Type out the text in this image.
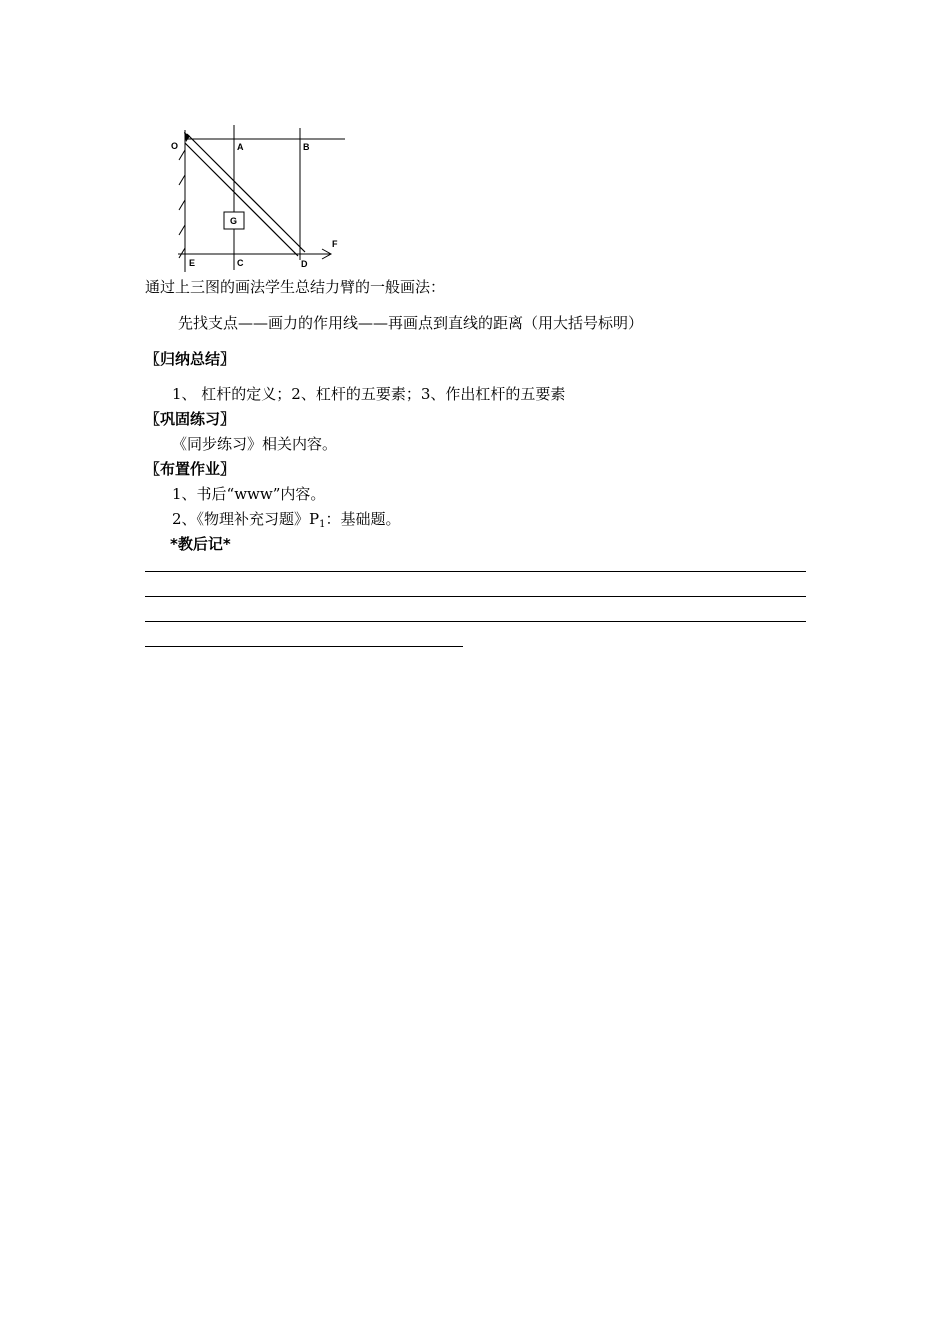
O	A	B
G
F
E	C	D
通过上三图的画法学生总结力臂的一般画法：
先找支点——画力的作用线——再画点到直线的距离（用大括号标明）
〖归纳总结〗
1、 杠杆的定义；2、杠杆的五要素；3、作出杠杆的五要素
〖巩固练习〗
《同步练习》相关内容。
〖布置作业〗
1、书后“www”内容。
2、《物理补充习题》$P_1$：基础题。
*教后记*
